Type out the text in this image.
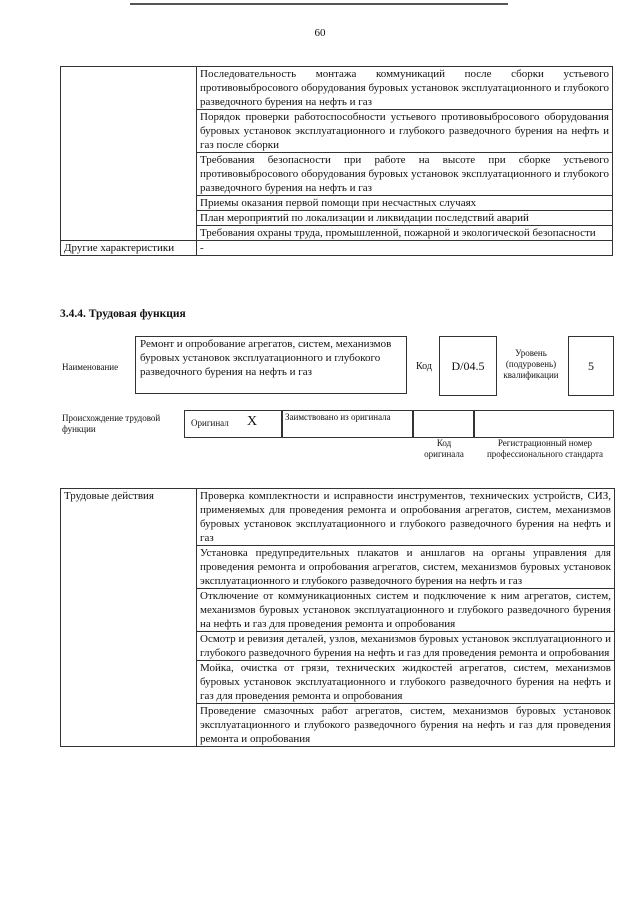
60
	Последовательность монтажа коммуникаций после сборки устьевого противовыбросового оборудования буровых установок эксплуатационного и глубокого разведочного бурения на нефть и газ
	Порядок проверки работоспособности устьевого противовыбросового оборудования буровых установок эксплуатационного и глубокого разведочного бурения на нефть и газ после сборки
	Требования безопасности при работе на высоте при сборке устьевого противовыбросового оборудования буровых установок эксплуатационного и глубокого разведочного бурения на нефть и газ
	Приемы оказания первой помощи при несчастных случаях
	План мероприятий по локализации и ликвидации последствий аварий
	Требования охраны труда, промышленной, пожарной и экологической безопасности
Другие характеристики	-
3.4.4. Трудовая функция
Наименование
Ремонт и опробование агрегатов, систем, механизмов буровых установок эксплуатационного и глубокого разведочного бурения на нефть и газ	Код	D/04.5
Уровень (подуровень) квалификации
5
Происхождение трудовой функции
Оригинал X	Заимствовано из оригинала
Код оригинала
Регистрационный номер профессионального стандарта
Трудовые действия	Проверка комплектности и исправности инструментов, технических устройств, СИЗ, применяемых для проведения ремонта и опробования агрегатов, систем, механизмов буровых установок эксплуатационного и глубокого разведочного бурения на нефть и газ
Установка предупредительных плакатов и аншлагов на органы управления для проведения ремонта и опробования агрегатов, систем, механизмов буровых установок эксплуатационного и глубокого разведочного бурения на нефть и газ
Отключение от коммуникационных систем и подключение к ним агрегатов, систем, механизмов буровых установок эксплуатационного и глубокого разведочного бурения на нефть и газ для проведения ремонта и опробования
Осмотр и ревизия деталей, узлов, механизмов буровых установок эксплуатационного и глубокого разведочного бурения на нефть и газ для проведения ремонта и опробования
Мойка, очистка от грязи, технических жидкостей агрегатов, систем, механизмов буровых установок эксплуатационного и глубокого разведочного бурения на нефть и газ для проведения ремонта и опробования
Проведение смазочных работ агрегатов, систем, механизмов буровых установок эксплуатационного и глубокого разведочного бурения на нефть и газ для проведения ремонта и опробования
